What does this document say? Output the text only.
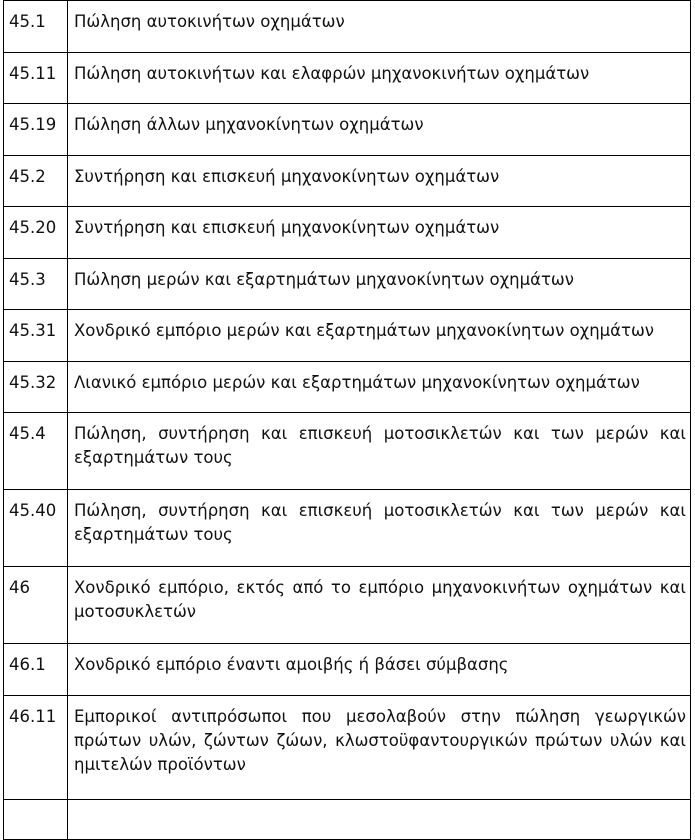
45.1	Πώληση αυτοκινήτων οχημάτων
45.11	Πώληση αυτοκινήτων και ελαφρών μηχανοκινήτων οχημάτων
45.19	Πώληση άλλων μηχανοκίνητων οχημάτων
45.2	Συντήρηση και επισκευή μηχανοκίνητων οχημάτων
45.20	Συντήρηση και επισκευή μηχανοκίνητων οχημάτων
45.3	Πώληση μερών και εξαρτημάτων μηχανοκίνητων οχημάτων
45.31	Χονδρικό εμπόριο μερών και εξαρτημάτων μηχανοκίνητων οχημάτων
45.32	Λιανικό εμπόριο μερών και εξαρτημάτων μηχανοκίνητων οχημάτων
45.4	Πώληση, συντήρηση και επισκευή μοτοσικλετών και των μερών και εξαρτημάτων τους
45.40	Πώληση, συντήρηση και επισκευή μοτοσικλετών και των μερών και εξαρτημάτων τους
46	Χονδρικό εμπόριο, εκτός από το εμπόριο μηχανοκινήτων οχημάτων και μοτοσυκλετών
46.1	Χονδρικό εμπόριο έναντι αμοιβής ή βάσει σύμβασης
46.11	Εμπορικοί αντιπρόσωποι που μεσολαβούν στην πώληση γεωργικών πρώτων υλών, ζώντων ζώων, κλωστοϋφαντουργικών πρώτων υλών και ημιτελών προϊόντων
